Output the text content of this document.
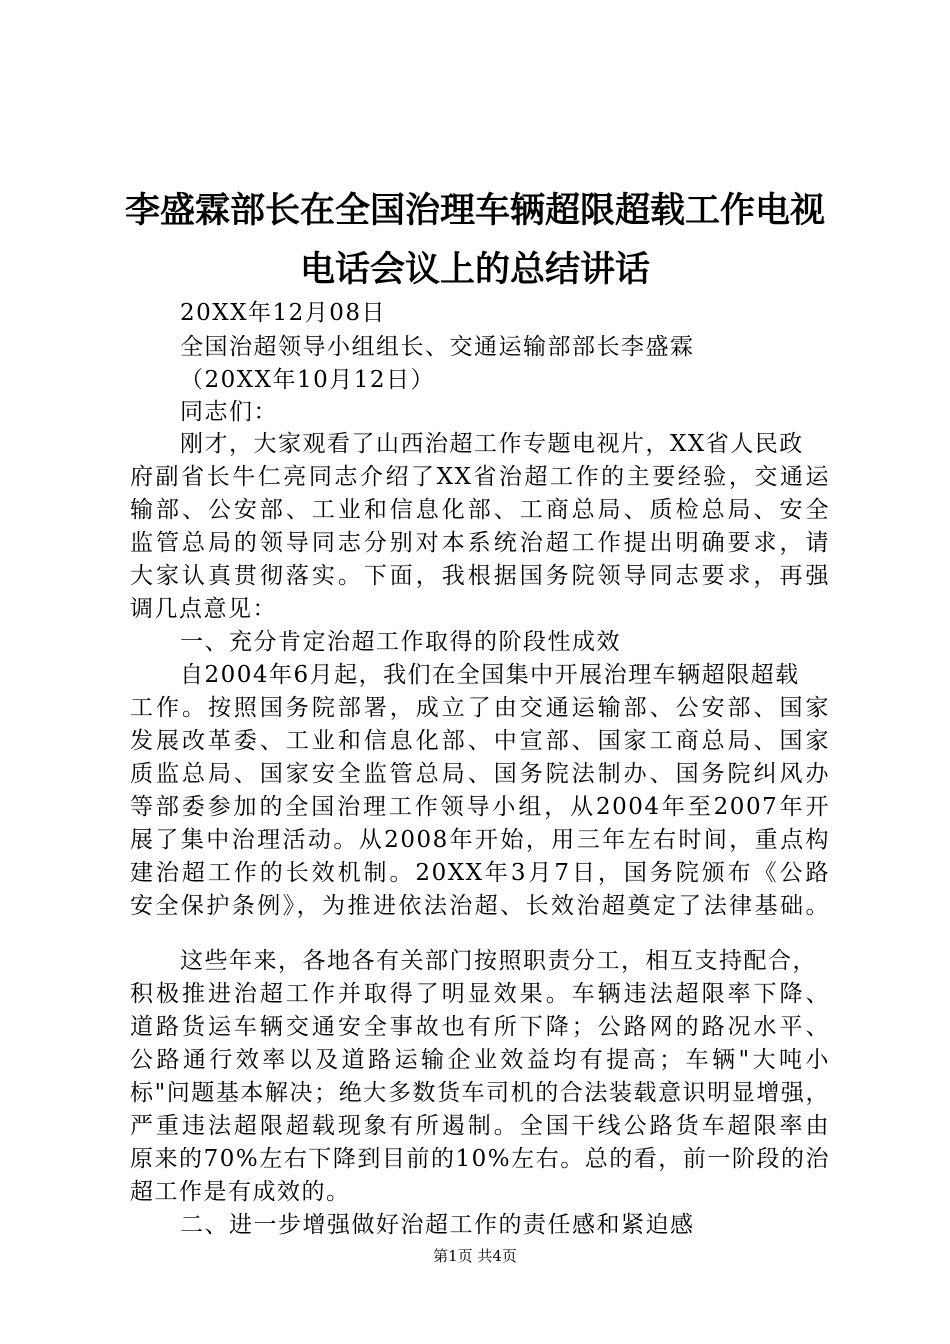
李盛霖部长在全国治理车辆超限超载工作电视
电话会议上的总结讲话
20XX年12月08日
全国治超领导小组组长、交通运输部部长李盛霖
（20XX年10月12日）
同志们：
刚才，大家观看了山西治超工作专题电视片，XX省人民政
府副省长牛仁亮同志介绍了XX省治超工作的主要经验，交通运
输部、公安部、工业和信息化部、工商总局、质检总局、安全
监管总局的领导同志分别对本系统治超工作提出明确要求，请
大家认真贯彻落实。下面，我根据国务院领导同志要求，再强
调几点意见：
一、充分肯定治超工作取得的阶段性成效
自2004年6月起，我们在全国集中开展治理车辆超限超载
工作。按照国务院部署，成立了由交通运输部、公安部、国家
发展改革委、工业和信息化部、中宣部、国家工商总局、国家
质监总局、国家安全监管总局、国务院法制办、国务院纠风办
等部委参加的全国治理工作领导小组，从2004年至2007年开
展了集中治理活动。从2008年开始，用三年左右时间，重点构
建治超工作的长效机制。20XX年3月7日，国务院颁布《公路
安全保护条例》，为推进依法治超、长效治超奠定了法律基础。
这些年来，各地各有关部门按照职责分工，相互支持配合，
积极推进治超工作并取得了明显效果。车辆违法超限率下降、
道路货运车辆交通安全事故也有所下降；公路网的路况水平、
公路通行效率以及道路运输企业效益均有提高；车辆"大吨小
标"问题基本解决；绝大多数货车司机的合法装载意识明显增强，
严重违法超限超载现象有所遏制。全国干线公路货车超限率由
原来的70%左右下降到目前的10%左右。总的看，前一阶段的治
超工作是有成效的。
二、进一步增强做好治超工作的责任感和紧迫感
第1页 共4页
